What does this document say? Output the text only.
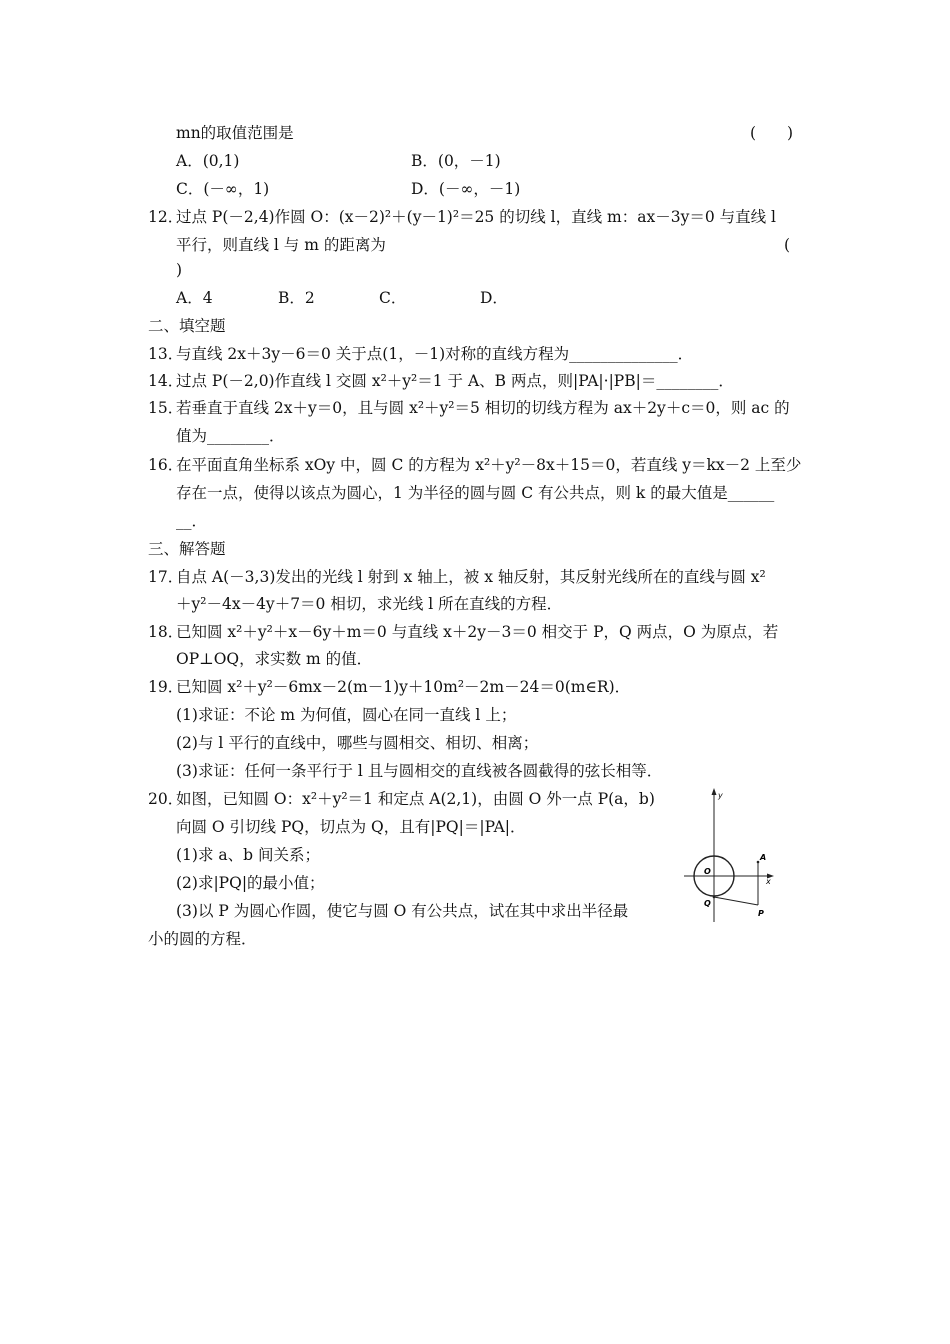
mn的取值范围是	(　　)
A．(0,1)	B．(0，－1)
C．(－∞，1)	D．(－∞，－1)
12．
过点 P(－2,4)作圆 O：(x－2)²＋(y－1)²＝25 的切线 l，直线 m：ax－3y＝0 与直线 l
平行，则直线 l 与 m 的距离为	(
)
A．4	B．2	C．	D．
二、填空题
13．
与直线 2x＋3y－6＝0 关于点(1，－1)对称的直线方程为______________．
14．
过点 P(－2,0)作直线 l 交圆 x²＋y²＝1 于 A、B 两点，则|PA|·|PB|＝________．
15．
若垂直于直线 2x＋y＝0，且与圆 x²＋y²＝5 相切的切线方程为 ax＋2y＋c＝0，则 ac 的
值为________．
16．
在平面直角坐标系 xOy 中，圆 C 的方程为 x²＋y²－8x＋15＝0，若直线 y＝kx－2 上至少
存在一点，使得以该点为圆心，1 为半径的圆与圆 C 有公共点，则 k 的最大值是______
__．
三、解答题
17．
自点 A(－3,3)发出的光线 l 射到 x 轴上，被 x 轴反射，其反射光线所在的直线与圆 x²
＋y²－4x－4y＋7＝0 相切，求光线 l 所在直线的方程．
18．
已知圆 x²＋y²＋x－6y＋m＝0 与直线 x＋2y－3＝0 相交于 P，Q 两点，O 为原点，若
OP⊥OQ，求实数 m 的值．
19．
已知圆 x²＋y²－6mx－2(m－1)y＋10m²－2m－24＝0(m∈R)．
(1)求证：不论 m 为何值，圆心在同一直线 l 上；
(2)与 l 平行的直线中，哪些与圆相交、相切、相离；
(3)求证：任何一条平行于 l 且与圆相交的直线被各圆截得的弦长相等．
20．
如图，已知圆 O：x²＋y²＝1 和定点 A(2,1)，由圆 O 外一点 P(a，b)
向圆 O 引切线 PQ，切点为 Q，且有|PQ|＝|PA|．
(1)求 a、b 间关系；
(2)求|PQ|的最小值；
(3)以 P 为圆心作圆，使它与圆 O 有公共点，试在其中求出半径最
小的圆的方程．
y
x
O
A
Q
P
